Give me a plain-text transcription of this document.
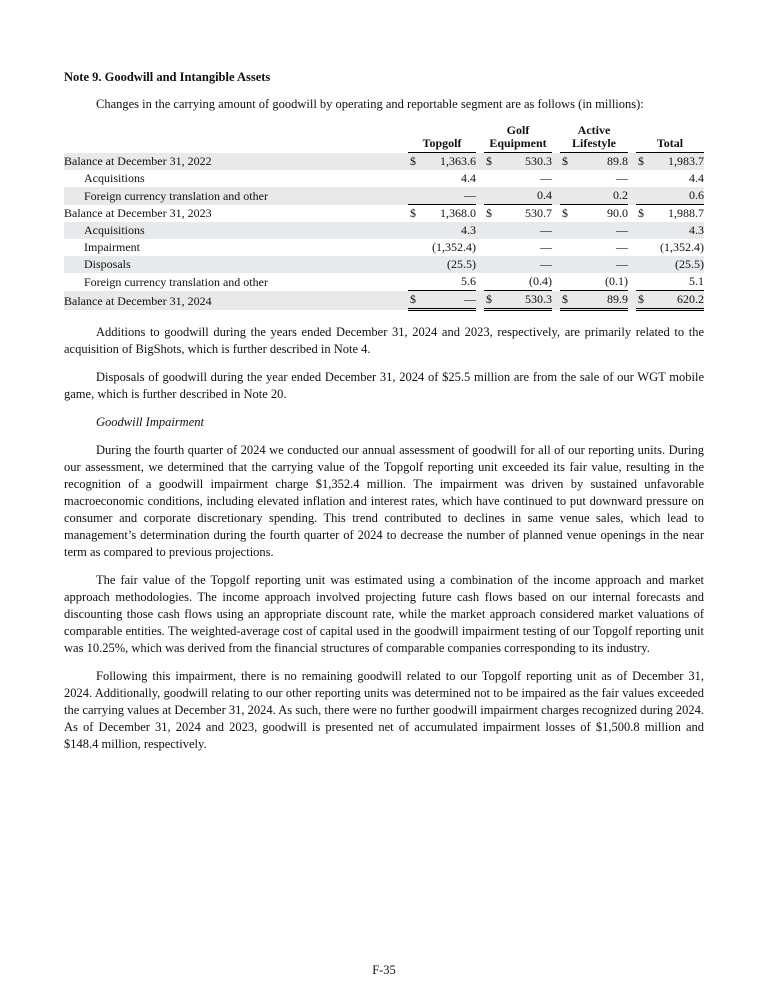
Note 9. Goodwill and Intangible Assets

Changes in the carrying amount of goodwill by operating and reportable segment are as follows (in millions):

	Topgolf		Golf Equipment		Active Lifestyle		Total
Balance at December 31, 2022	$ 1,363.6		$ 530.3		$ 89.8		$ 1,983.7
Acquisitions	4.4		—		—		4.4
Foreign currency translation and other	—		0.4		0.2		0.6
Balance at December 31, 2023	$ 1,368.0		$ 530.7		$ 90.0		$ 1,988.7
Acquisitions	4.3		—		—		4.3
Impairment	(1,352.4)		—		—		(1,352.4)
Disposals	(25.5)		—		—		(25.5)
Foreign currency translation and other	5.6		(0.4)		(0.1)		5.1
Balance at December 31, 2024	$ —		$ 530.3		$ 89.9		$ 620.2

Additions to goodwill during the years ended December 31, 2024 and 2023, respectively, are primarily related to the acquisition of BigShots, which is further described in Note 4.

Disposals of goodwill during the year ended December 31, 2024 of $25.5 million are from the sale of our WGT mobile game, which is further described in Note 20.

Goodwill Impairment

During the fourth quarter of 2024 we conducted our annual assessment of goodwill for all of our reporting units. During our assessment, we determined that the carrying value of the Topgolf reporting unit exceeded its fair value, resulting in the recognition of a goodwill impairment charge $1,352.4 million. The impairment was driven by sustained unfavorable macroeconomic conditions, including elevated inflation and interest rates, which have continued to put downward pressure on consumer and corporate discretionary spending. This trend contributed to declines in same venue sales, which lead to management’s determination during the fourth quarter of 2024 to decrease the number of planned venue openings in the near term as compared to previous projections.

The fair value of the Topgolf reporting unit was estimated using a combination of the income approach and market approach methodologies. The income approach involved projecting future cash flows based on our internal forecasts and discounting those cash flows using an appropriate discount rate, while the market approach considered market valuations of comparable entities. The weighted-average cost of capital used in the goodwill impairment testing of our Topgolf reporting unit was 10.25%, which was derived from the financial structures of comparable companies corresponding to its industry.

Following this impairment, there is no remaining goodwill related to our Topgolf reporting unit as of December 31, 2024. Additionally, goodwill relating to our other reporting units was determined not to be impaired as the fair values exceeded the carrying values at December 31, 2024. As such, there were no further goodwill impairment charges recognized during 2024. As of December 31, 2024 and 2023, goodwill is presented net of accumulated impairment losses of $1,500.8 million and $148.4 million, respectively.

F-35
